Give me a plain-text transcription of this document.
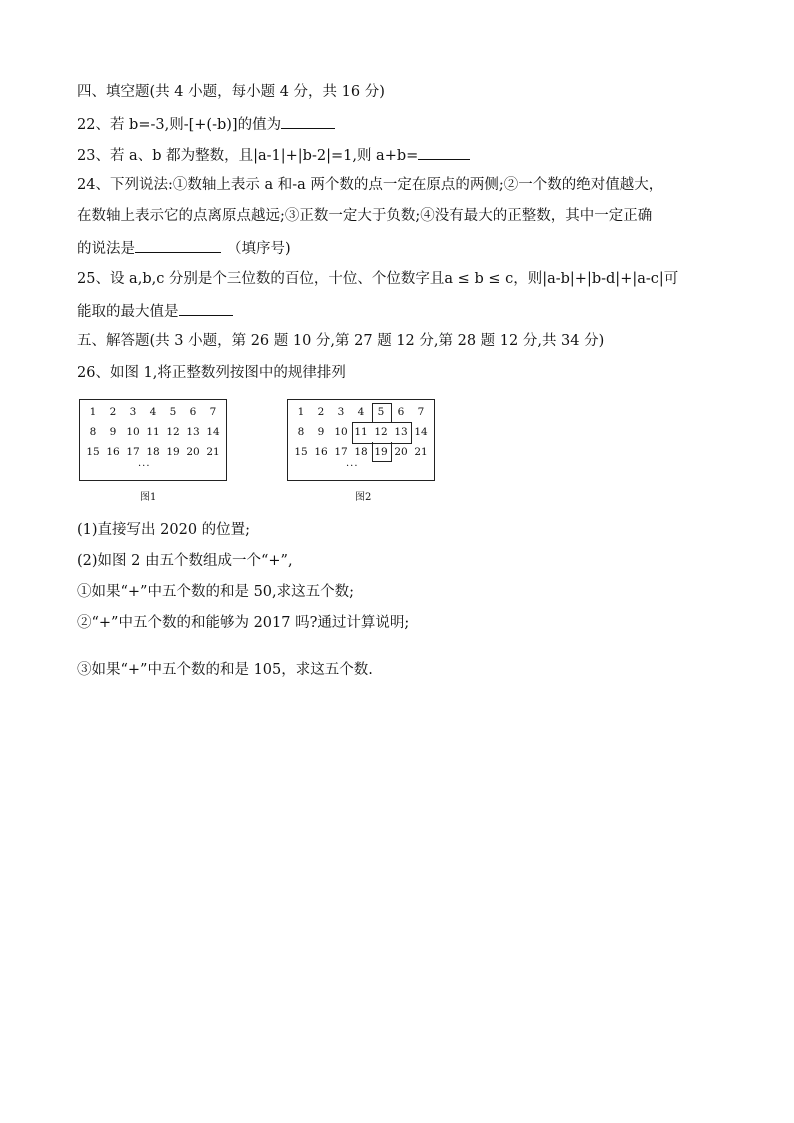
四、填空题(共 4 小题，每小题 4 分，共 16 分)
22、若 b=-3,则-[+(-b)]的值为
23、若 a、b 都为整数，且|a-1|+|b-2|=1,则 a+b=
24、下列说法:①数轴上表示 a 和-a 两个数的点一定在原点的两侧;②一个数的绝对值越大，
在数轴上表示它的点离原点越远;③正数一定大于负数;④没有最大的正整数，其中一定正确
的说法是	（填序号)
25、设 a,b,c 分别是个三位数的百位，十位、个位数字且a ≤ b ≤ c，则|a-b|+|b-d|+|a-c|可
能取的最大值是
五、解答题(共 3 小题，第 26 题 10 分,第 27 题 12 分,第 28 题 12 分,共 34 分)
26、如图 1,将正整数列按图中的规律排列
···
1	2	3	4	5	6	7
8	9 10 11 12 13 14
15 16 17 18 19 20 21
图1
···
1	2	3	4	5	6	7
8	9 10 11 12 13 14
15 16 17 18 19 20 21
图2
(1)直接写出 2020 的位置;
(2)如图 2 由五个数组成一个“+”,
①如果“+”中五个数的和是 50,求这五个数;
②“+”中五个数的和能够为 2017 吗?通过计算说明;
③如果“+”中五个数的和是 105，求这五个数.
